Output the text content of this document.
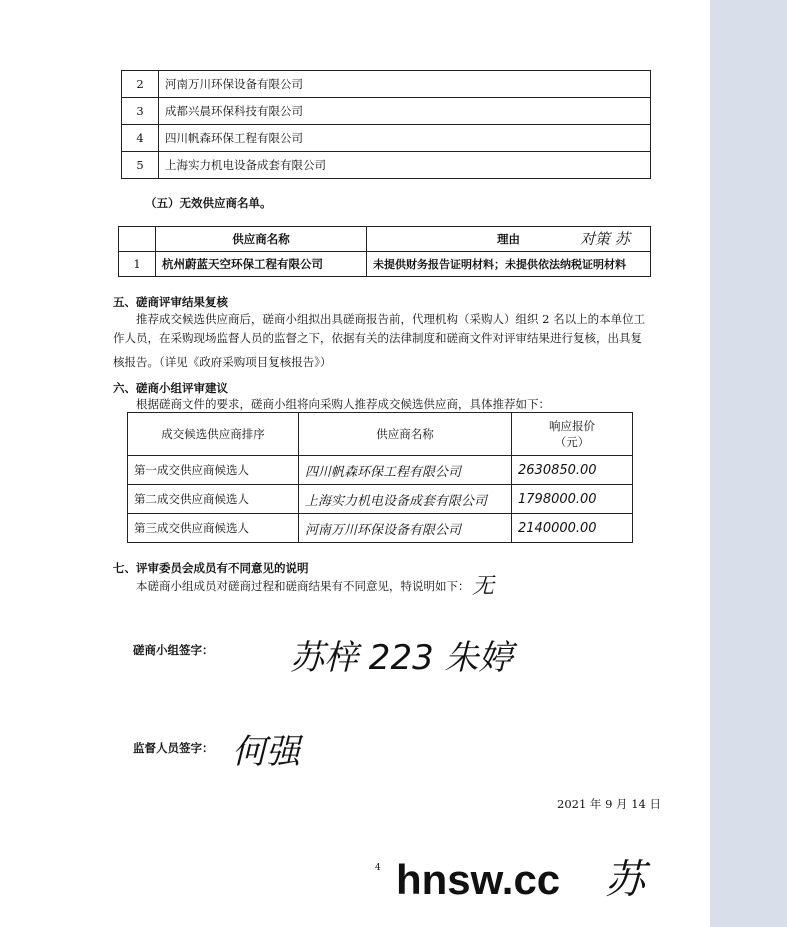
2	河南万川环保设备有限公司
3	成都兴晨环保科技有限公司
4	四川帆森环保工程有限公司
5	上海实力机电设备成套有限公司
（五）无效供应商名单。
	供应商名称	理由
1	杭州蔚蓝天空环保工程有限公司	未提供财务报告证明材料；未提供依法纳税证明材料
对策 苏
五、磋商评审结果复核
推荐成交候选供应商后，磋商小组拟出具磋商报告前，代理机构（采购人）组织 2 名以上的本单位工
作人员，在采购现场监督人员的监督之下，依据有关的法律制度和磋商文件对评审结果进行复核，出具复
核报告。（详见《政府采购项目复核报告》）
六、磋商小组评审建议
根据磋商文件的要求，磋商小组将向采购人推荐成交候选供应商，具体推荐如下：
成交候选供应商排序	供应商名称	响应报价
（元）

第一成交供应商候选人	四川帆森环保工程有限公司	2630850.00
第二成交供应商候选人	上海实力机电设备成套有限公司	1798000.00
第三成交供应商候选人	河南万川环保设备有限公司	2140000.00
七、评审委员会成员有不同意见的说明
本磋商小组成员对磋商过程和磋商结果有不同意见，特说明如下： 无
磋商小组签字： 苏梓 223 朱婷
监督人员签字： 何强
2021 年 9 月 14 日
4 hnsw.cc 苏
